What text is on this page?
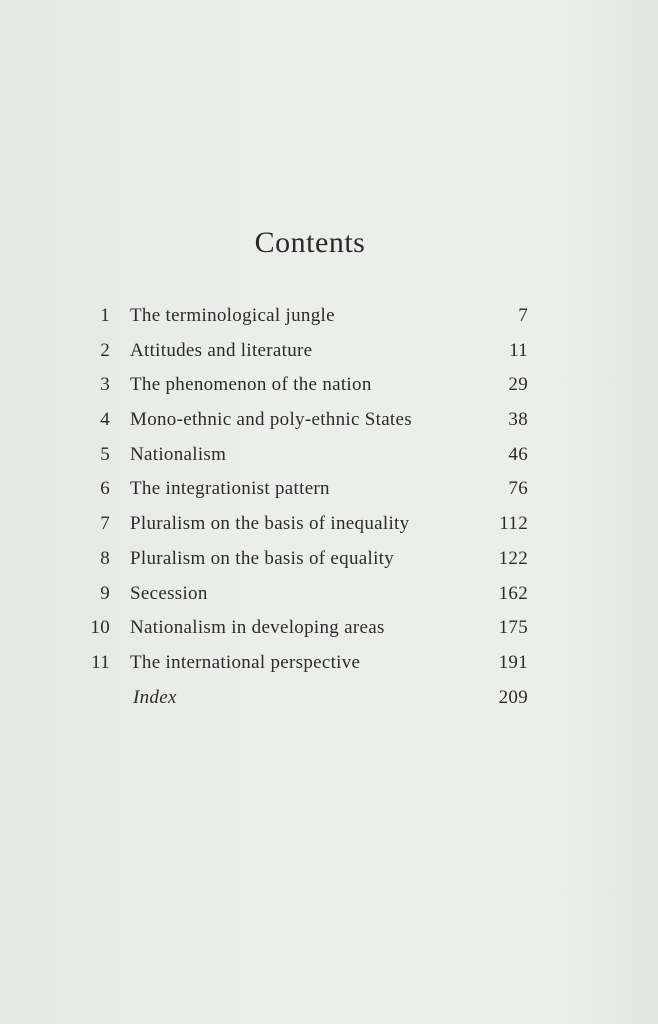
Contents
1 The terminological jungle	7
2 Attitudes and literature	11
3 The phenomenon of the nation	29
4 Mono-ethnic and poly-ethnic States	38
5 Nationalism	46
6 The integrationist pattern	76
7 Pluralism on the basis of inequality	112
8 Pluralism on the basis of equality	122
9 Secession	162
10 Nationalism in developing areas	175
11 The international perspective	191
Index	209
